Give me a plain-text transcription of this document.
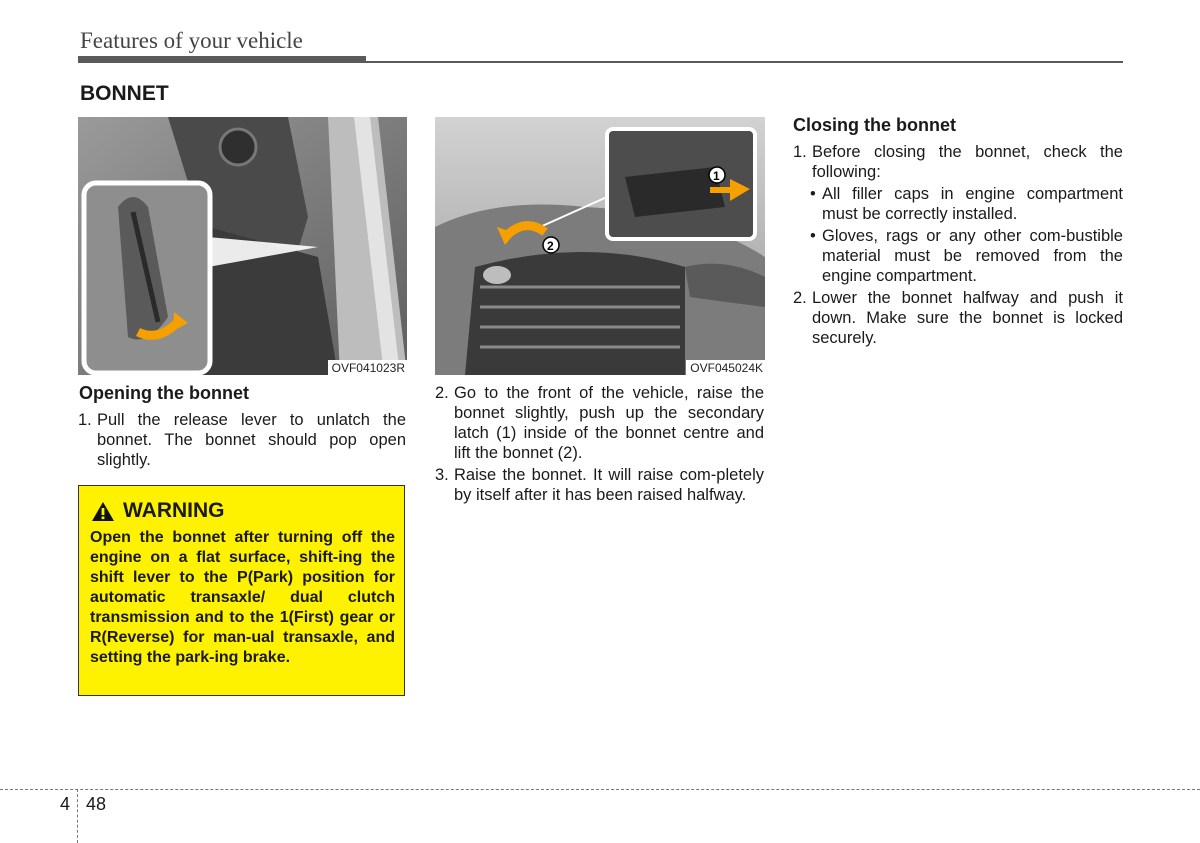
Features of your vehicle
BONNET
OVF041023R
1
2
OVF045024K
Opening the bonnet
1. Pull the release lever to unlatch the bonnet. The bonnet should pop open slightly.
WARNING
Open the bonnet after turning off the engine on a flat surface, shift-ing the shift lever to the P(Park) position for automatic transaxle/ dual clutch transmission and to the 1(First) gear or R(Reverse) for man-ual transaxle, and setting the park-ing brake.
2. Go to the front of the vehicle, raise the bonnet slightly, push up the secondary latch (1) inside of the bonnet centre and lift the bonnet (2).
3. Raise the bonnet. It will raise com-pletely by itself after it has been raised halfway.
Closing the bonnet
1. Before closing the bonnet, check the following:
• All filler caps in engine compartment must be correctly installed.
• Gloves, rags or any other com-bustible material must be removed from the engine compartment.
2. Lower the bonnet halfway and push it down. Make sure the bonnet is locked securely.
4 48
